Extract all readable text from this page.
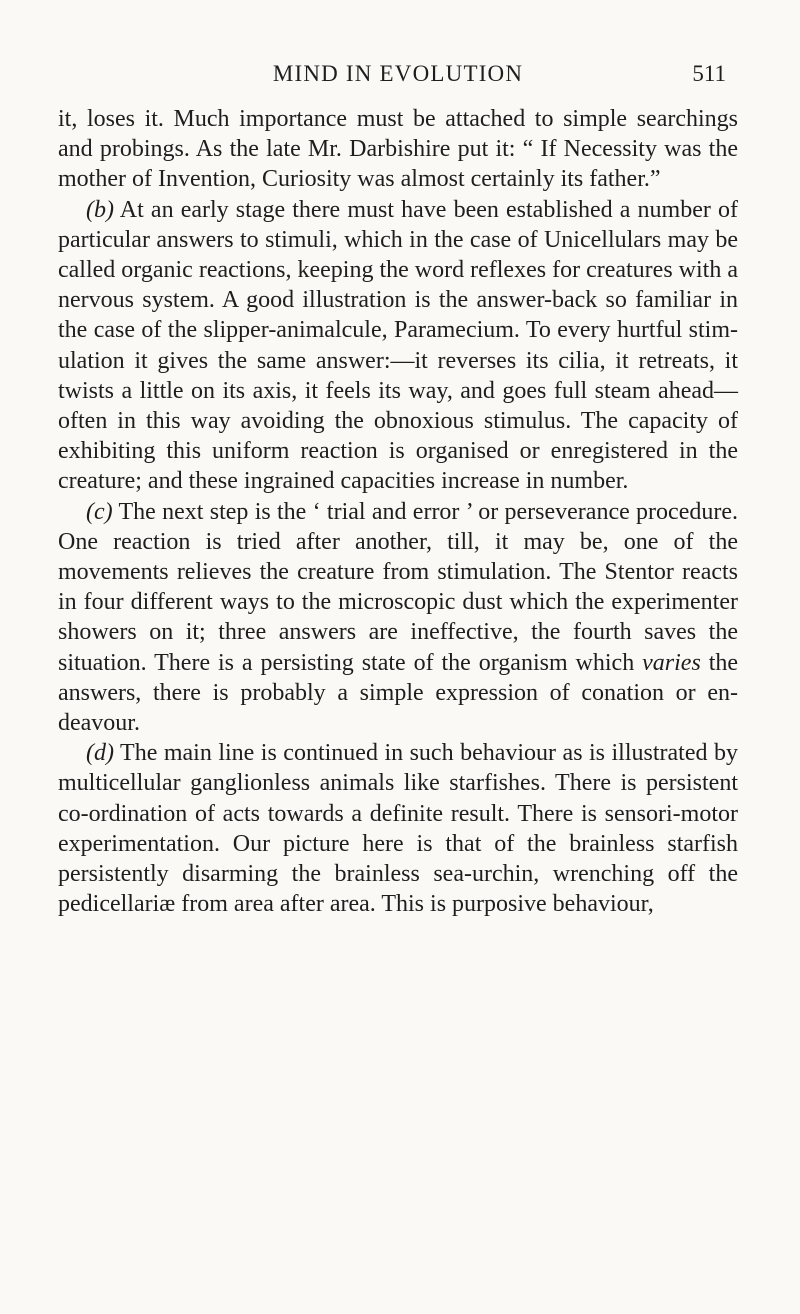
MIND IN EVOLUTION	511

it, loses it. Much importance must be attached to simple searchings and probings. As the late Mr. Darbishire put it: “ If Necessity was the mother of Invention, Curiosity was almost certainly its father.”

(b) At an early stage there must have been established a number of particular answers to stimuli, which in the case of Unicellulars may be called organic reactions, keeping the word reflexes for creatures with a nervous system. A good illustration is the answer-back so familiar in the case of the slipper-animalcule, Paramecium. To every hurtful stimulation it gives the same answer:—it reverses its cilia, it retreats, it twists a little on its axis, it feels its way, and goes full steam ahead—often in this way avoiding the obnoxious stimulus. The capacity of exhibiting this uniform reaction is organised or enregistered in the creature; and these ingrained capacities increase in number.

(c) The next step is the ‘ trial and error ’ or perseverance procedure. One reaction is tried after another, till, it may be, one of the movements relieves the creature from stimulation. The Stentor reacts in four different ways to the microscopic dust which the experimenter showers on it; three answers are ineffective, the fourth saves the situation. There is a persisting state of the organism which varies the answers, there is probably a simple expression of conation or endeavour.

(d) The main line is continued in such behaviour as is illustrated by multicellular ganglionless animals like starfishes. There is persistent co-ordination of acts towards a definite result. There is sensori-motor experimentation. Our picture here is that of the brainless starfish persistently disarming the brainless sea-urchin, wrenching off the pedicellariæ from area after area. This is purposive behaviour,
